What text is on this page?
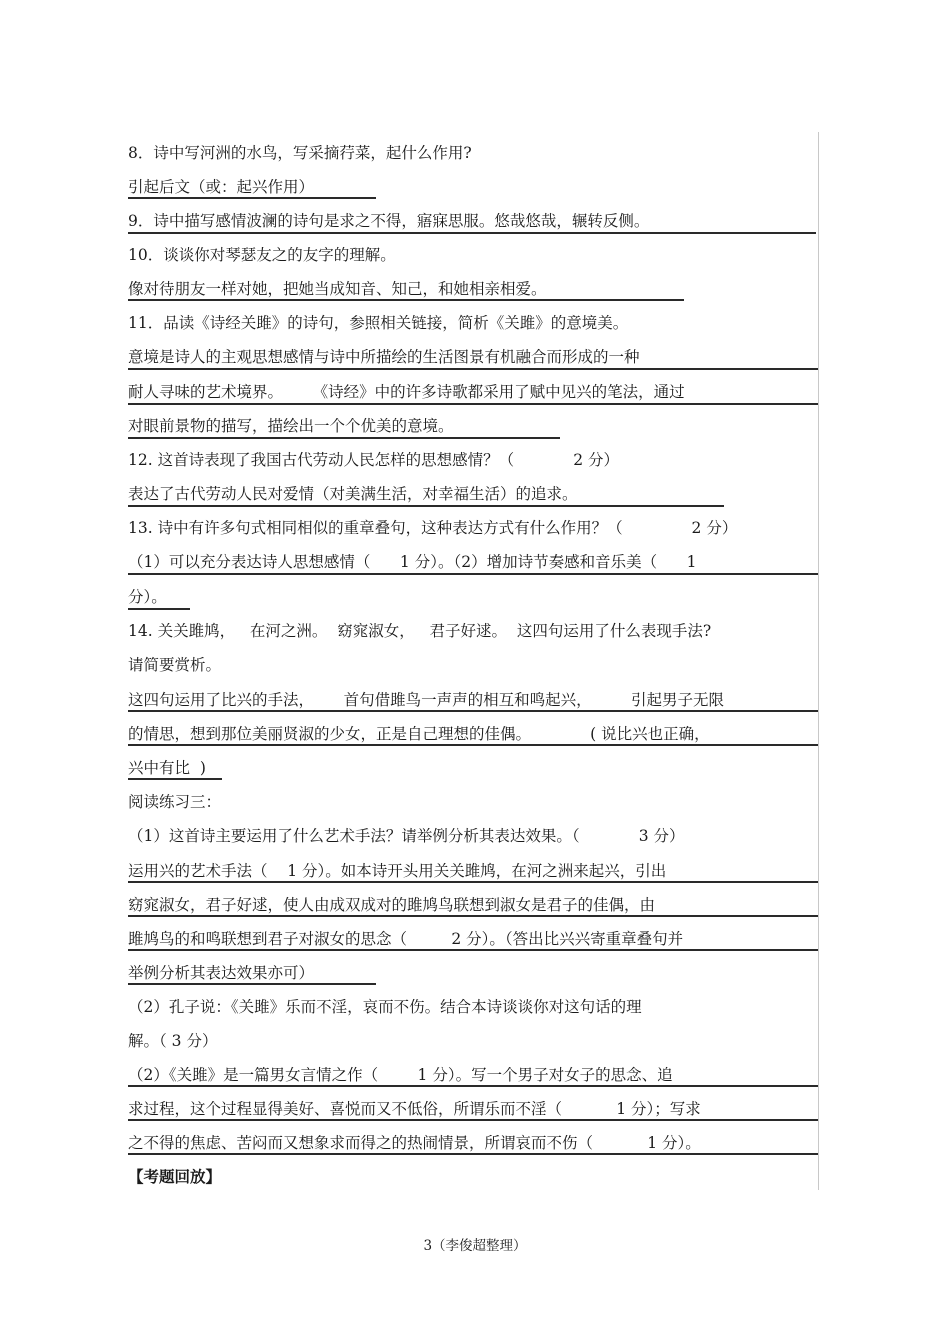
8．诗中写河洲的水鸟，写采摘荇菜，起什么作用?
引起后文（或：起兴作用）
9．诗中描写感情波澜的诗句是求之不得，寤寐思服。悠哉悠哉，辗转反侧。
10．谈谈你对琴瑟友之的友字的理解。
像对待朋友一样对她，把她当成知音、知己，和她相亲相爱。
11．品读《诗经关雎》的诗句，参照相关链接，简析《关雎》的意境美。
意境是诗人的主观思想感情与诗中所描绘的生活图景有机融合而形成的一种
耐人寻味的艺术境界。      《诗经》中的许多诗歌都采用了赋中见兴的笔法，通过
对眼前景物的描写，描绘出一个个优美的意境。
12. 这首诗表现了我国古代劳动人民怎样的思想感情？（            2 分）
表达了古代劳动人民对爱情（对美满生活，对幸福生活）的追求。
13. 诗中有许多句式相同相似的重章叠句，这种表达方式有什么作用？（              2 分）
（1）可以充分表达诗人思想感情（      1 分）。（2）增加诗节奏感和音乐美（      1
分）。
14. 关关雎鸠，   在河之洲。  窈窕淑女，   君子好逑。  这四句运用了什么表现手法?
请简要赏析。
这四句运用了比兴的手法，      首句借雎鸟一声声的相互和鸣起兴，        引起男子无限
的情思，想到那位美丽贤淑的少女，正是自己理想的佳偶。            ( 说比兴也正确，
兴中有比  )
阅读练习三：
（1）这首诗主要运用了什么艺术手法？请举例分析其表达效果。（            3 分）
运用兴的艺术手法（    1 分）。如本诗开头用关关雎鸠，在河之洲来起兴，引出
窈窕淑女，君子好逑，使人由成双成对的雎鸠鸟联想到淑女是君子的佳偶，由
雎鸠鸟的和鸣联想到君子对淑女的思念（         2 分）。（答出比兴兴寄重章叠句并
举例分析其表达效果亦可）
（2）孔子说：《关雎》乐而不淫，哀而不伤。结合本诗谈谈你对这句话的理
解。（ 3 分）
（2）《关雎》是一篇男女言情之作（        1 分）。写一个男子对女子的思念、追
求过程，这个过程显得美好、喜悦而又不低俗，所谓乐而不淫（           1 分）；写求
之不得的焦虑、苦闷而又想象求而得之的热闹情景，所谓哀而不伤（           1 分）。
【考题回放】
3（李俊超整理）
